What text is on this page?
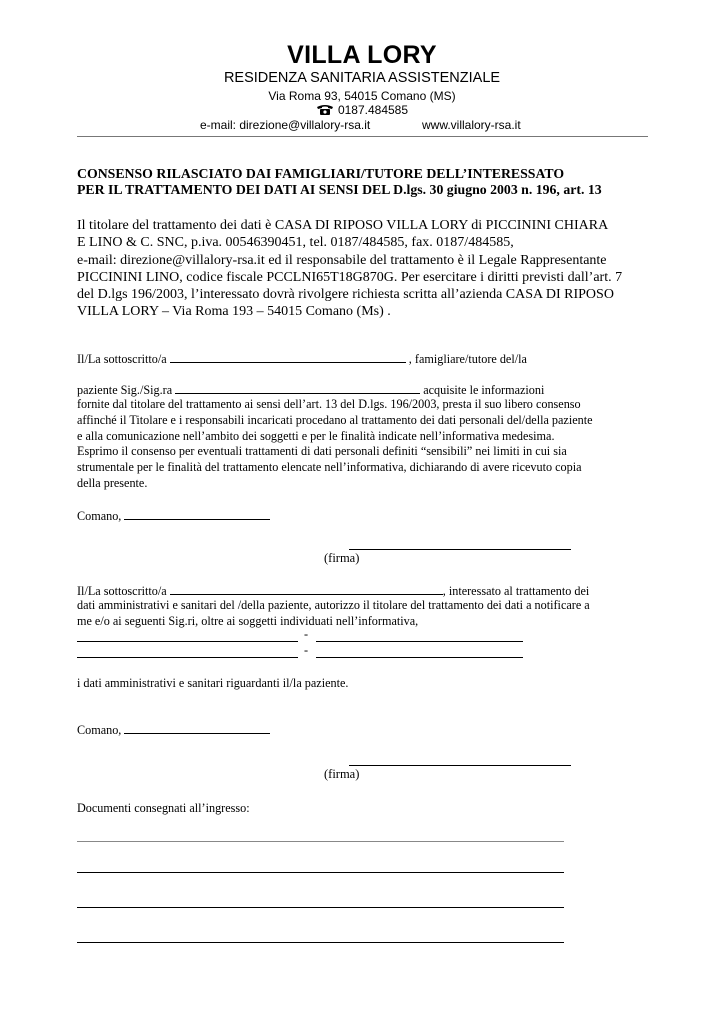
VILLA LORY
RESIDENZA SANITARIA ASSISTENZIALE
Via Roma 93, 54015 Comano (MS)
0187.484585
e-mail: direzione@villalory-rsa.it	www.villalory-rsa.it
CONSENSO RILASCIATO DAI FAMIGLIARI/TUTORE DELL’INTERESSATO
PER IL TRATTAMENTO DEI DATI AI SENSI DEL D.lgs. 30 giugno 2003 n. 196, art. 13
Il titolare del trattamento dei dati è CASA DI RIPOSO VILLA LORY di PICCININI CHIARA
E LINO & C. SNC, p.iva. 00546390451, tel. 0187/484585, fax. 0187/484585,
e-mail: direzione@villalory-rsa.it ed il responsabile del trattamento è il Legale Rappresentante
PICCININI LINO, codice fiscale PCCLNI65T18G870G. Per esercitare i diritti previsti dall’art. 7
del D.lgs 196/2003, l’interessato dovrà rivolgere richiesta scritta all’azienda CASA DI RIPOSO
VILLA LORY – Via Roma 193 – 54015 Comano (Ms) .
Il/La sottoscritto/a	, famigliare/tutore del/la
paziente Sig./Sig.ra	acquisite le informazioni
fornite dal titolare del trattamento ai sensi dell’art. 13 del D.lgs. 196/2003, presta il suo libero consenso
affinché il Titolare e i responsabili incaricati procedano al trattamento dei dati personali del/della paziente
e alla comunicazione nell’ambito dei soggetti e per le finalità indicate nell’informativa medesima.
Esprimo il consenso per eventuali trattamenti di dati personali definiti “sensibili” nei limiti in cui sia
strumentale per le finalità del trattamento elencate nell’informativa, dichiarando di avere ricevuto copia
della presente.
Comano,
(firma)
Il/La sottoscritto/a	, interessato al trattamento dei
dati amministrativi e sanitari del /della paziente, autorizzo il titolare del trattamento dei dati a notificare a
me e/o ai seguenti Sig.ri, oltre ai soggetti individuati nell’informativa,
-
-
i dati amministrativi e sanitari riguardanti il/la paziente.
Comano,
(firma)
Documenti consegnati all’ingresso:
